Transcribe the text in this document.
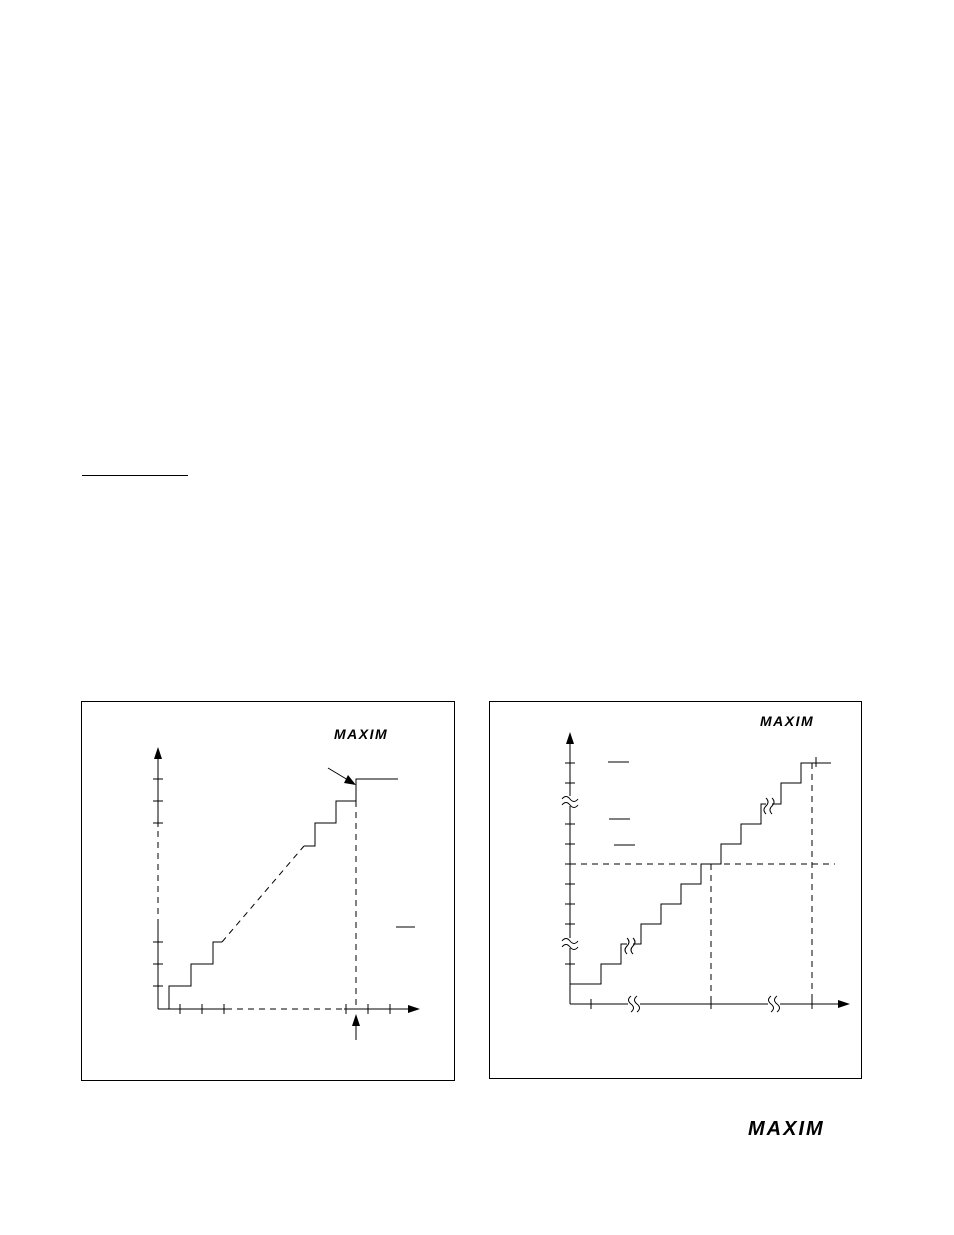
MAXIM
MAXIM
MAXIM
